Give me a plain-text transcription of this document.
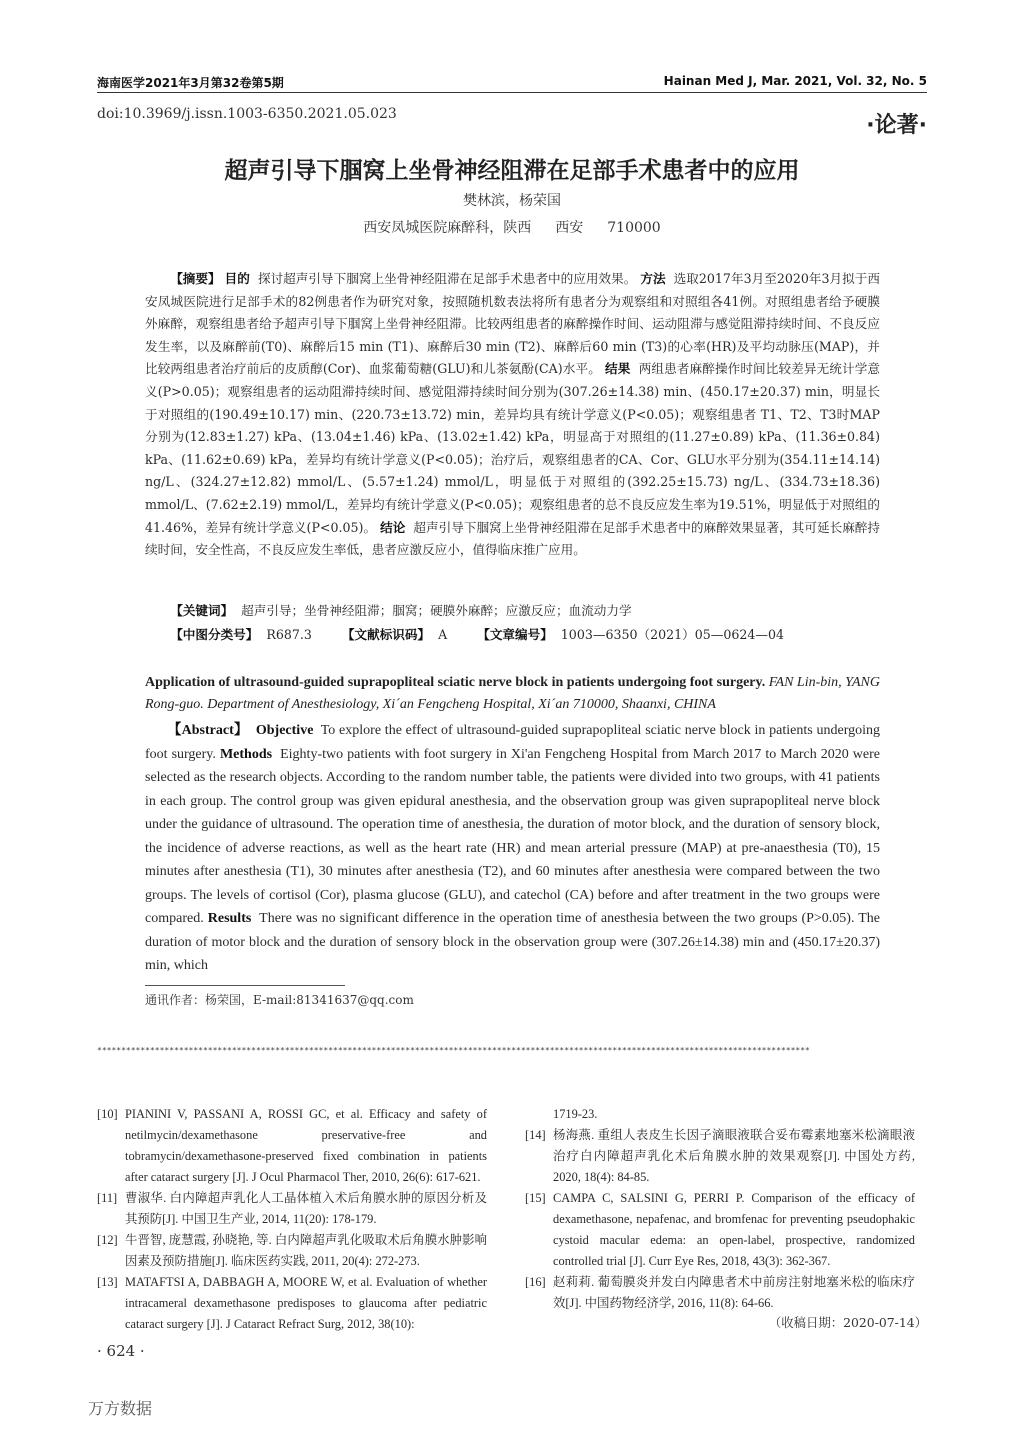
海南医学2021年3月第32卷第5期	Hainan Med J, Mar. 2021, Vol. 32, No. 5
doi:10.3969/j.issn.1003-6350.2021.05.023	·论著·
超声引导下腘窝上坐骨神经阻滞在足部手术患者中的应用
樊林滨，杨荣国
西安凤城医院麻醉科，陕西 西安 710000

【摘要】 目的 探讨超声引导下腘窝上坐骨神经阻滞在足部手术患者中的应用效果。 方法 选取2017年3月至2020年3月拟于西安凤城医院进行足部手术的82例患者作为研究对象，按照随机数表法将所有患者分为观察组和对照组各41例。对照组患者给予硬膜外麻醉，观察组患者给予超声引导下腘窝上坐骨神经阻滞。比较两组患者的麻醉操作时间、运动阻滞与感觉阻滞持续时间、不良反应发生率，以及麻醉前(T0)、麻醉后15 min (T1)、麻醉后30 min (T2)、麻醉后60 min (T3)的心率(HR)及平均动脉压(MAP)，并比较两组患者治疗前后的皮质醇(Cor)、血浆葡萄糖(GLU)和儿茶氨酚(CA)水平。 结果 两组患者麻醉操作时间比较差异无统计学意义(P>0.05)；观察组患者的运动阻滞持续时间、感觉阻滞持续时间分别为(307.26±14.38) min、(450.17±20.37) min，明显长于对照组的(190.49±10.17) min、(220.73±13.72) min，差异均具有统计学意义(P<0.05)；观察组患者 T1、T2、T3时MAP分别为(12.83±1.27) kPa、(13.04±1.46) kPa、(13.02±1.42) kPa，明显高于对照组的(11.27±0.89) kPa、(11.36±0.84) kPa、(11.62±0.69) kPa，差异均有统计学意义(P<0.05)；治疗后，观察组患者的CA、Cor、GLU水平分别为(354.11±14.14) ng/L、(324.27±12.82) mmol/L、(5.57±1.24) mmol/L，明显低于对照组的(392.25±15.73) ng/L、(334.73±18.36) mmol/L、(7.62±2.19) mmol/L，差异均有统计学意义(P<0.05)；观察组患者的总不良反应发生率为19.51%，明显低于对照组的41.46%，差异有统计学意义(P<0.05)。 结论 超声引导下腘窝上坐骨神经阻滞在足部手术患者中的麻醉效果显著，其可延长麻醉持续时间，安全性高，不良反应发生率低，患者应激反应小，值得临床推广应用。

【关键词】 超声引导；坐骨神经阻滞；腘窝；硬膜外麻醉；应激反应；血流动力学
【中图分类号】 R687.3 【文献标识码】 A 【文章编号】 1003—6350（2021）05—0624—04
Application of ultrasound-guided suprapopliteal sciatic nerve block in patients undergoing foot surgery. FAN Lin-bin, YANG Rong-guo. Department of Anesthesiology, Xi´an Fengcheng Hospital, Xi´an 710000, Shaanxi, CHINA

【Abstract】 Objective To explore the effect of ultrasound-guided suprapopliteal sciatic nerve block in patients undergoing foot surgery. Methods Eighty-two patients with foot surgery in Xi'an Fengcheng Hospital from March 2017 to March 2020 were selected as the research objects. According to the random number table, the patients were divided into two groups, with 41 patients in each group. The control group was given epidural anesthesia, and the observation group was given suprapopliteal nerve block under the guidance of ultrasound. The operation time of anesthesia, the duration of motor block, and the duration of sensory block, the incidence of adverse reactions, as well as the heart rate (HR) and mean arterial pressure (MAP) at pre-anaesthesia (T0), 15 minutes after anesthesia (T1), 30 minutes after anesthesia (T2), and 60 minutes after anesthesia were compared between the two groups. The levels of cortisol (Cor), plasma glucose (GLU), and catechol (CA) before and after treatment in the two groups were compared. Results There was no significant difference in the operation time of anesthesia between the two groups (P>0.05). The duration of motor block and the duration of sensory block in the observation group were (307.26±14.38) min and (450.17±20.37) min, which

通讯作者：杨荣国，E-mail:81341637@qq.com
****************************************************************************************************************************************************
[10] PIANINI V, PASSANI A, ROSSI GC, et al. Efficacy and safety of netilmycin/dexamethasone preservative-free and tobramycin/dexamethasone-preserved fixed combination in patients after cataract surgery [J]. J Ocul Pharmacol Ther, 2010, 26(6): 617-621.
[11] 曹淑华. 白内障超声乳化人工晶体植入术后角膜水肿的原因分析及其预防[J]. 中国卫生产业, 2014, 11(20): 178-179.
[12] 牛晋智, 庞慧霞, 孙晓艳, 等. 白内障超声乳化吸取术后角膜水肿影响因素及预防措施[J]. 临床医药实践, 2011, 20(4): 272-273.
[13] MATAFTSI A, DABBAGH A, MOORE W, et al. Evaluation of whether intracameral dexamethasone predisposes to glaucoma after pediatric cataract surgery [J]. J Cataract Refract Surg, 2012, 38(10):
1719-23.
[14] 杨海燕. 重组人表皮生长因子滴眼液联合妥布霉素地塞米松滴眼液治疗白内障超声乳化术后角膜水肿的效果观察[J]. 中国处方药, 2020, 18(4): 84-85.
[15] CAMPA C, SALSINI G, PERRI P. Comparison of the efficacy of dexamethasone, nepafenac, and bromfenac for preventing pseudophakic cystoid macular edema: an open-label, prospective, randomized controlled trial [J]. Curr Eye Res, 2018, 43(3): 362-367.
[16] 赵莉莉. 葡萄膜炎并发白内障患者术中前房注射地塞米松的临床疗效[J]. 中国药物经济学, 2016, 11(8): 64-66.
（收稿日期：2020-07-14）
· 624 ·
万方数据
